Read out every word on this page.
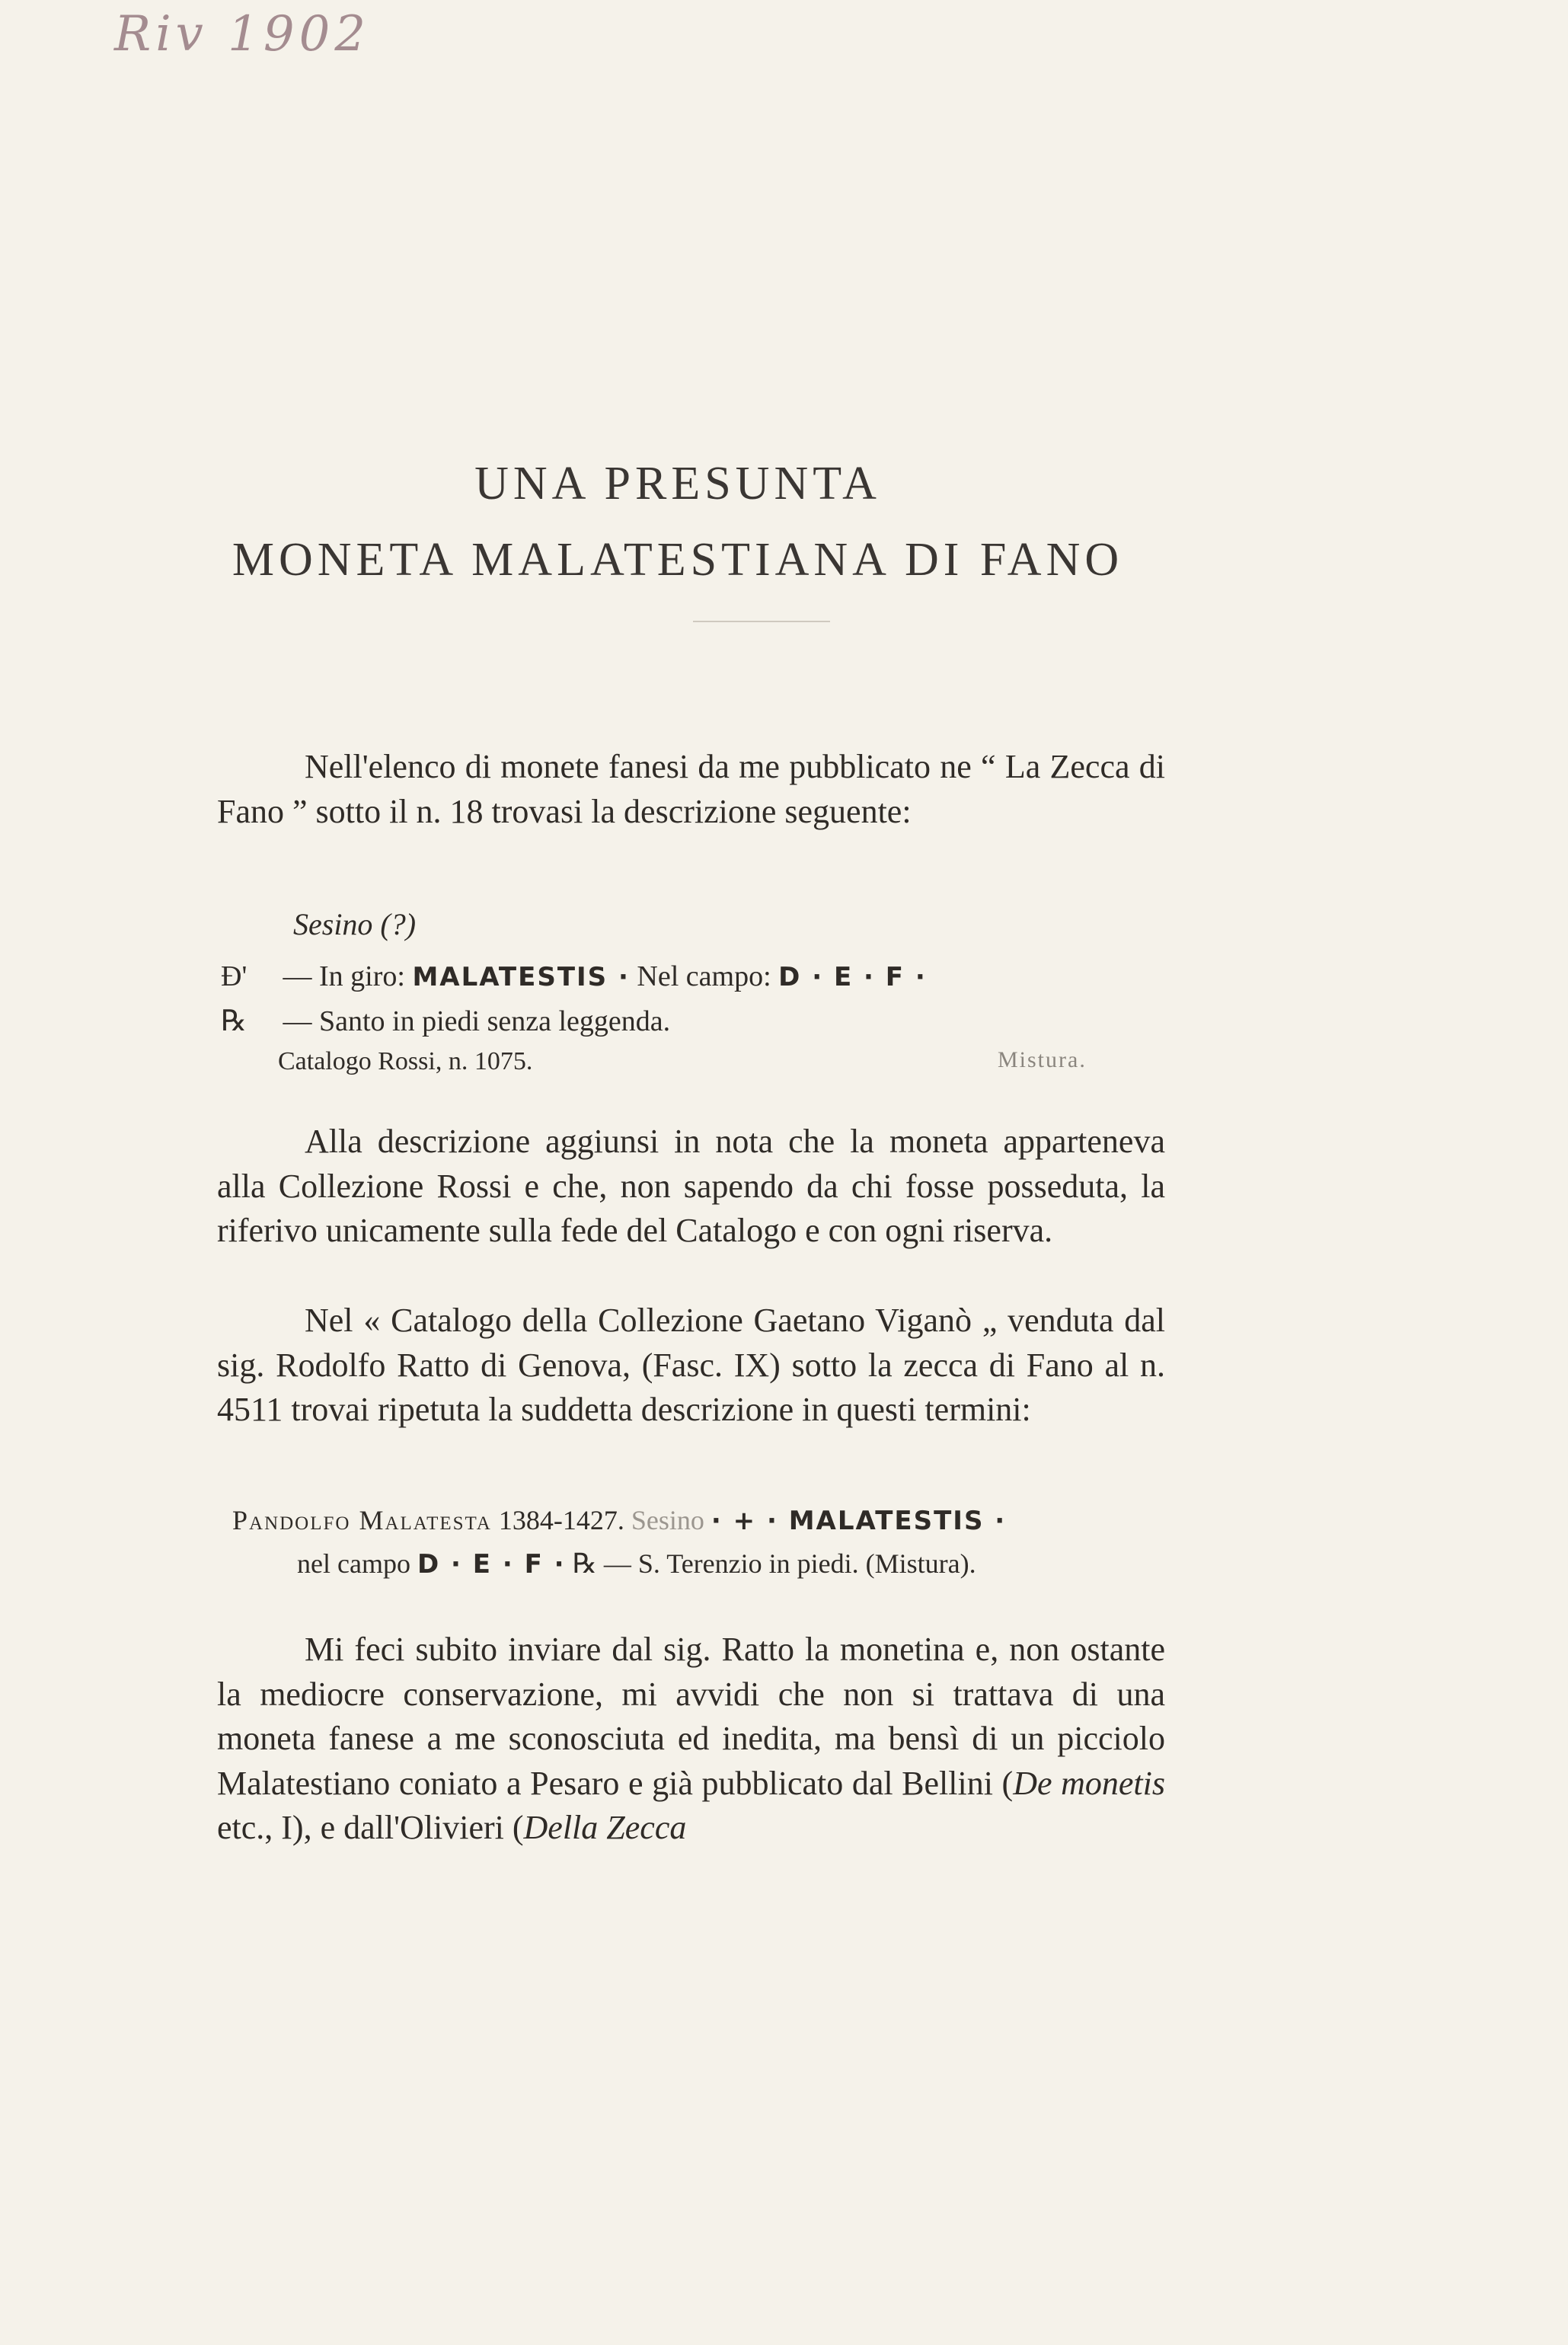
Riv 1902
UNA PRESUNTA
MONETA MALATESTIANA DI FANO

Nell'elenco di monete fanesi da me pubblicato ne “ La Zecca di Fano ” sotto il n. 18 trovasi la descrizione seguente:

Sesino (?)
Ɖ' — In giro: MALATESTIS · Nel campo: D · E · F ·
℞ — Santo in piedi senza leggenda.
Catalogo Rossi, n. 1075.	Mistura.

Alla descrizione aggiunsi in nota che la moneta apparteneva alla Collezione Rossi e che, non sapendo da chi fosse posseduta, la riferivo unicamente sulla fede del Catalogo e con ogni riserva.

Nel « Catalogo della Collezione Gaetano Viganò „ venduta dal sig. Rodolfo Ratto di Genova, (Fasc. IX) sotto la zecca di Fano al n. 4511 trovai ripetuta la suddetta descrizione in questi termini:

Pandolfo Malatesta 1384-1427. Sesino · + · MALATESTIS ·
nel campo D · E · F · ℞ — S. Terenzio in piedi. (Mistura).

Mi feci subito inviare dal sig. Ratto la monetina e, non ostante la mediocre conservazione, mi avvidi che non si trattava di una moneta fanese a me sconosciuta ed inedita, ma bensì di un picciolo Malatestiano coniato a Pesaro e già pubblicato dal Bellini (De monetis etc., I), e dall'Olivieri (Della Zecca
